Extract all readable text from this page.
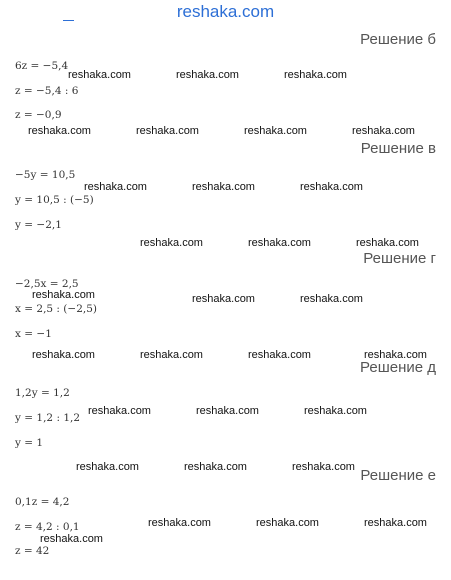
reshaka.com
Решение б
Решение в
Решение г
Решение д
Решение е
6z = −5,4
z = −5,4 : 6
z = −0,9
−5y = 10,5
y = 10,5 : (−5)
y = −2,1
−2,5x = 2,5
x = 2,5 : (−2,5)
x = −1
1,2y = 1,2
y = 1,2 : 1,2
y = 1
0,1z = 4,2
z = 4,2 : 0,1
z = 42
reshaka.com	reshaka.com	reshaka.com
reshaka.com	reshaka.com	reshaka.com	reshaka.com
reshaka.com	reshaka.com	reshaka.com
reshaka.com	reshaka.com	reshaka.com
reshaka.com	reshaka.com	reshaka.com
reshaka.com	reshaka.com	reshaka.com	reshaka.com
reshaka.com	reshaka.com	reshaka.com
reshaka.com	reshaka.com	reshaka.com
reshaka.com	reshaka.com	reshaka.com
reshaka.com
